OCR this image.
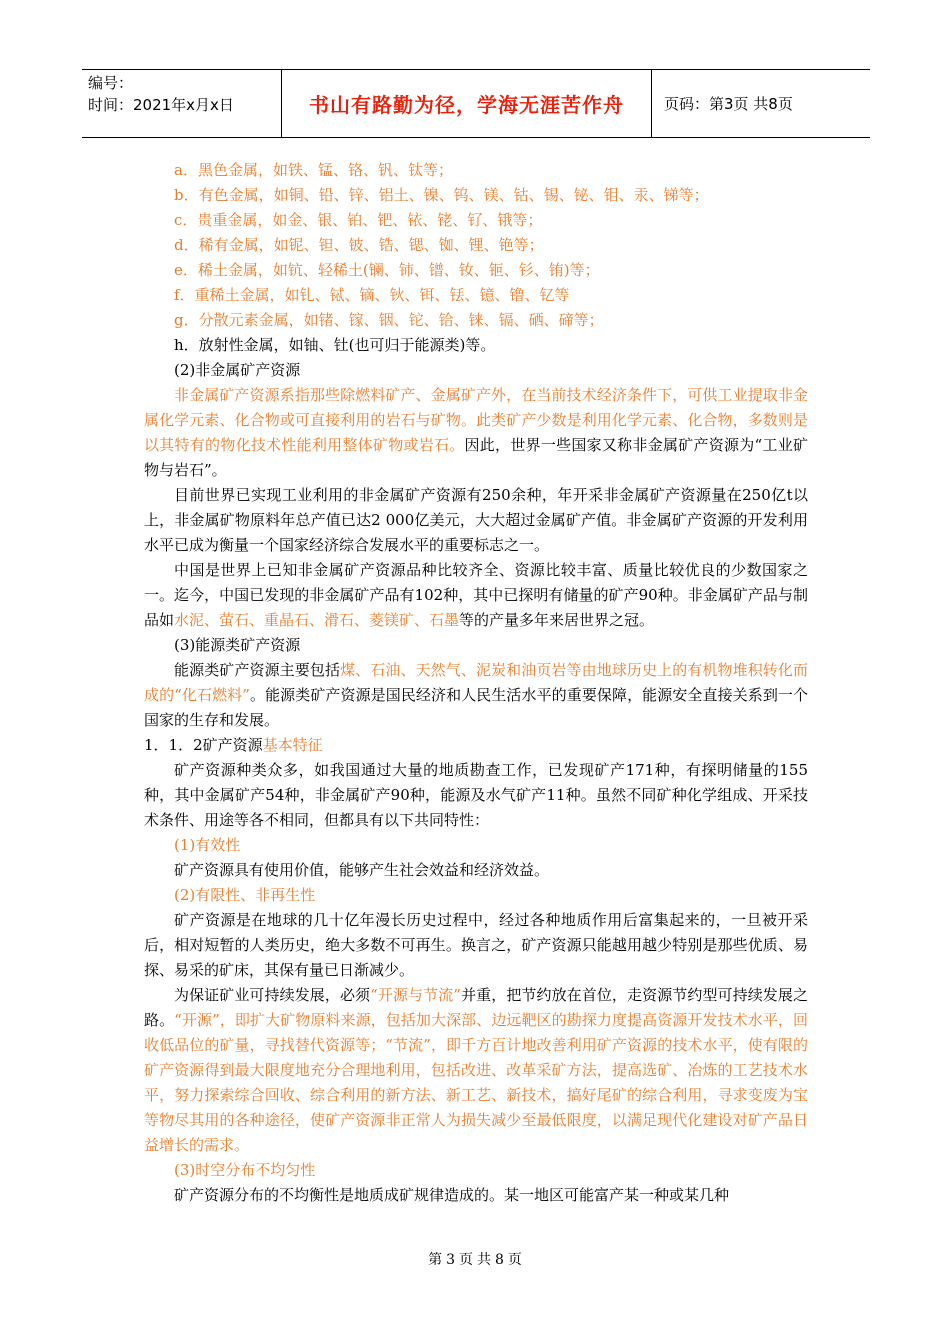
编号：
时间：2021年x月x日	书山有路勤为径，学海无涯苦作舟	页码：第3页 共8页
a．黑色金属，如铁、锰、铬、钒、钛等；
b．有色金属，如铜、铅、锌、铝土、镍、钨、镁、钴、锡、铋、钼、汞、锑等；
c．贵重金属，如金、银、铂、钯、铱、铑、钌、锇等；
d．稀有金属，如铌、钽、铍、锆、锶、铷、锂、铯等；
e．稀土金属，如钪、轻稀土(镧、铈、镨、钕、钷、钐、铕)等；
f．重稀土金属，如钆、铽、镝、钬、铒、铥、镱、镥、钇等
g．分散元素金属，如锗、镓、铟、铊、铪、铼、镉、硒、碲等；
h．放射性金属，如铀、钍(也可归于能源类)等。
(2)非金属矿产资源
非金属矿产资源系指那些除燃料矿产、金属矿产外，在当前技术经济条件下，可供工业提取非金属化学元素、化合物或可直接利用的岩石与矿物。此类矿产少数是利用化学元素、化合物，多数则是以其特有的物化技术性能利用整体矿物或岩石。因此，世界一些国家又称非金属矿产资源为“工业矿物与岩石”。
目前世界已实现工业利用的非金属矿产资源有250余种，年开采非金属矿产资源量在250亿t以上，非金属矿物原料年总产值已达2 000亿美元，大大超过金属矿产值。非金属矿产资源的开发利用水平已成为衡量一个国家经济综合发展水平的重要标志之一。
中国是世界上已知非金属矿产资源品种比较齐全、资源比较丰富、质量比较优良的少数国家之一。迄今，中国已发现的非金属矿产品有102种，其中已探明有储量的矿产90种。非金属矿产品与制品如水泥、萤石、重晶石、滑石、菱镁矿、石墨等的产量多年来居世界之冠。
(3)能源类矿产资源
能源类矿产资源主要包括煤、石油、天然气、泥炭和油页岩等由地球历史上的有机物堆积转化而成的“化石燃料”。能源类矿产资源是国民经济和人民生活水平的重要保障，能源安全直接关系到一个国家的生存和发展。
1．1．2矿产资源基本特征
矿产资源种类众多，如我国通过大量的地质勘查工作，已发现矿产171种，有探明储量的155种，其中金属矿产54种，非金属矿产90种，能源及水气矿产11种。虽然不同矿种化学组成、开采技术条件、用途等各不相同，但都具有以下共同特性：
(1)有效性
矿产资源具有使用价值，能够产生社会效益和经济效益。
(2)有限性、非再生性
矿产资源是在地球的几十亿年漫长历史过程中，经过各种地质作用后富集起来的，一旦被开采后，相对短暂的人类历史，绝大多数不可再生。换言之，矿产资源只能越用越少特别是那些优质、易探、易采的矿床，其保有量已日渐减少。
为保证矿业可持续发展，必须“开源与节流”并重，把节约放在首位，走资源节约型可持续发展之路。“开源”，即扩大矿物原料来源，包括加大深部、边远靶区的勘探力度提高资源开发技术水平，回收低品位的矿量，寻找替代资源等；“节流”，即千方百计地改善利用矿产资源的技术水平，使有限的矿产资源得到最大限度地充分合理地利用，包括改进、改革采矿方法，提高选矿、冶炼的工艺技术水平，努力探索综合回收、综合利用的新方法、新工艺、新技术，搞好尾矿的综合利用，寻求变废为宝等物尽其用的各种途径，使矿产资源非正常人为损失减少至最低限度，以满足现代化建设对矿产品日益增长的需求。
(3)时空分布不均匀性
矿产资源分布的不均衡性是地质成矿规律造成的。某一地区可能富产某一种或某几种
第 3 页 共 8 页
